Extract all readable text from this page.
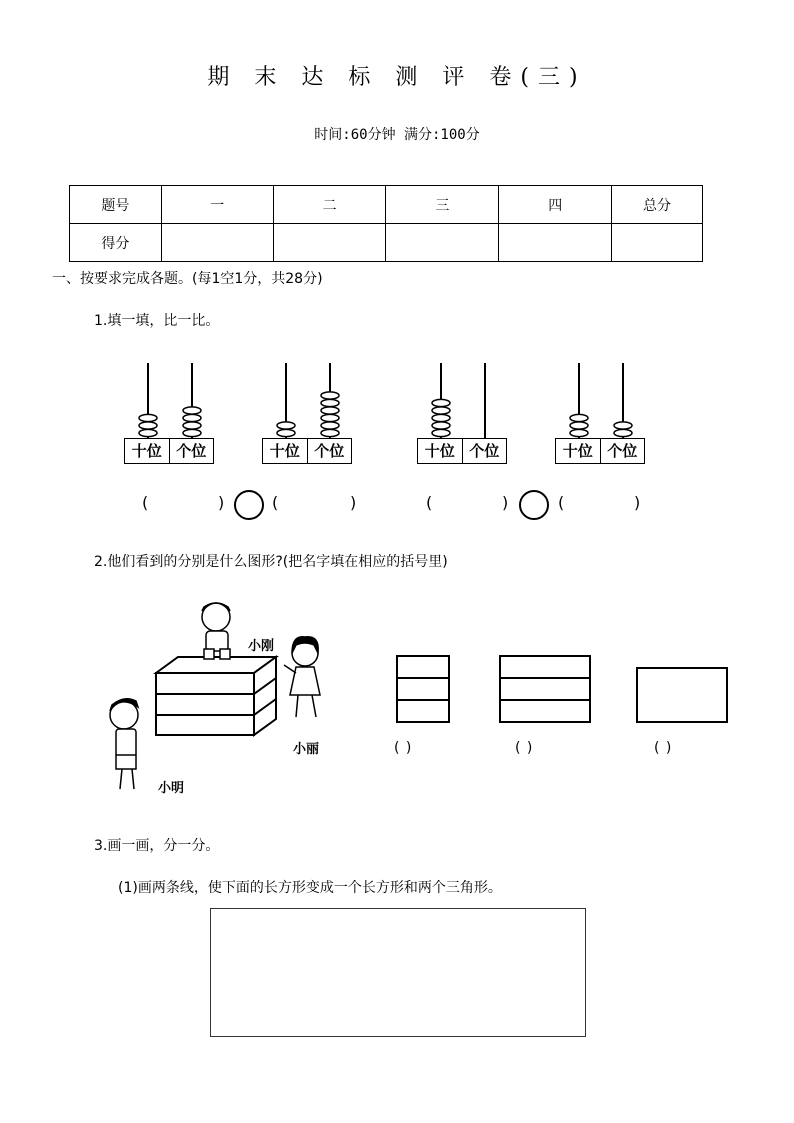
期 末 达 标 测 评 卷(三)
时间:60分钟 满分:100分
题号	一	二	三	四	总分
得分					
一、按要求完成各题。(每1空1分，共28分)
1.填一填，比一比。
十位 个位	十位 个位	十位 个位	十位 个位
(	)	(	)	(	)	(	)
2.他们看到的分别是什么图形?(把名字填在相应的括号里)
小刚
小丽
小明
( )	( )	( )
3.画一画，分一分。
(1)画两条线，使下面的长方形变成一个长方形和两个三角形。
